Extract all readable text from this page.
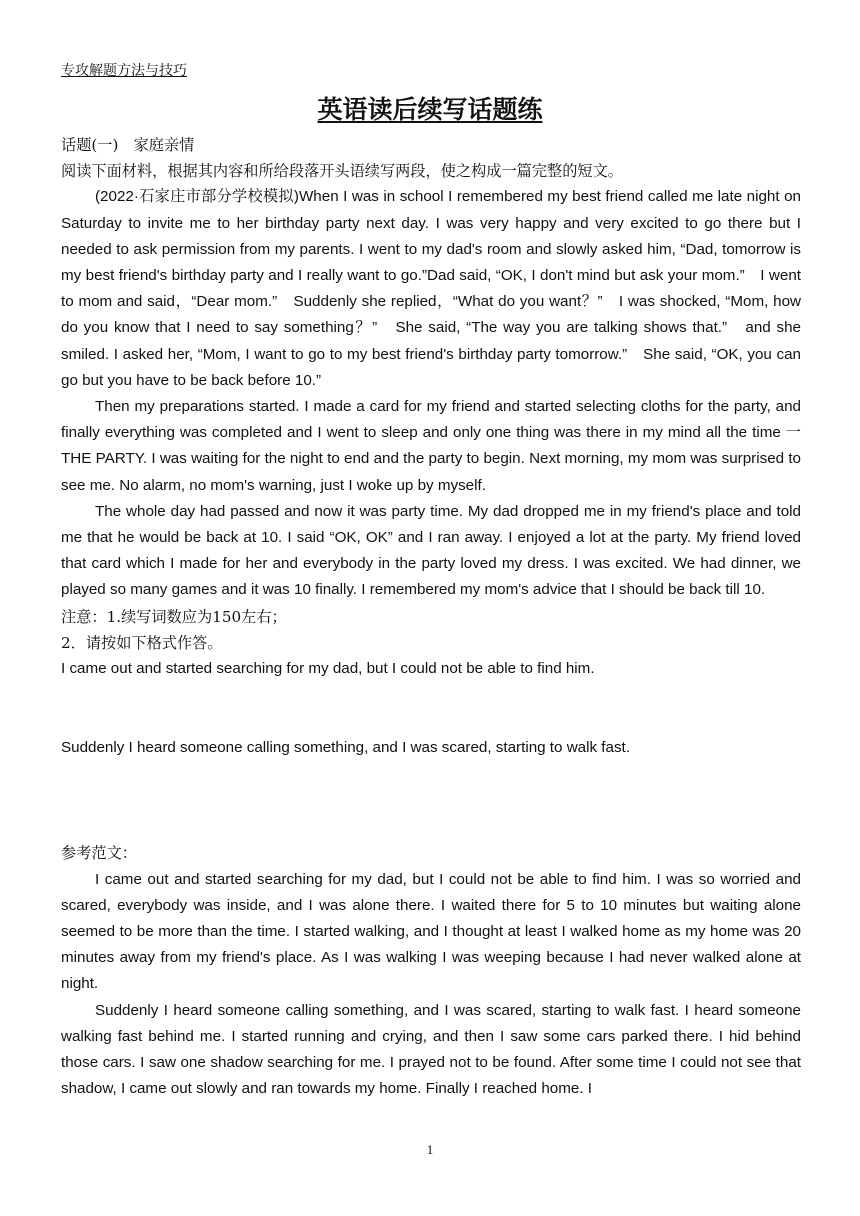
专攻解题方法与技巧
英语读后续写话题练

话题(一)　家庭亲情

阅读下面材料，根据其内容和所给段落开头语续写两段，使之构成一篇完整的短文。

(2022·石家庄市部分学校模拟)When I was in school I remembered my best friend called me late night on Saturday to invite me to her birthday party next day. I was very happy and very excited to go there but I needed to ask permission from my parents. I went to my dad's room and slowly asked him, “Dad, tomorrow is my best friend's birthday party and I really want to go.”Dad said, “OK, I don't mind but ask your mom.”　I went to mom and said，“Dear mom.”　Suddenly she replied，“What do you want？”　I was shocked, “Mom, how do you know that I need to say something？”　She said, “The way you are talking shows that.”　and she smiled. I asked her, “Mom, I want to go to my best friend's birthday party tomorrow.”　She said, “OK, you can go but you have to be back before 10.”

Then my preparations started. I made a card for my friend and started selecting cloths for the party, and finally everything was completed and I went to sleep and only one thing was there in my mind all the time 一 THE PARTY. I was waiting for the night to end and the party to begin. Next morning, my mom was surprised to see me. No alarm, no mom's warning, just I woke up by myself.

The whole day had passed and now it was party time. My dad dropped me in my friend's place and told me that he would be back at 10. I said “OK, OK” and I ran away. I enjoyed a lot at the party. My friend loved that card which I made for her and everybody in the party loved my dress. I was excited. We had dinner, we played so many games and it was 10 finally. I remembered my mom's advice that I should be back till 10.

注意：1.续写词数应为150左右；

2．请按如下格式作答。

I came out and started searching for my dad, but I could not be able to find him.

Suddenly I heard someone calling something, and I was scared, starting to walk fast.

参考范文：

I came out and started searching for my dad, but I could not be able to find him. I was so worried and scared, everybody was inside, and I was alone there. I waited there for 5 to 10 minutes but waiting alone seemed to be more than the time. I started walking, and I thought at least I walked home as my home was 20 minutes away from my friend's place. As I was walking I was weeping because I had never walked alone at night.

Suddenly I heard someone calling something, and I was scared, starting to walk fast. I heard someone walking fast behind me. I started running and crying, and then I saw some cars parked there. I hid behind those cars. I saw one shadow searching for me. I prayed not to be found. After some time I could not see that shadow, I came out slowly and ran towards my home. Finally I reached home. I

1
